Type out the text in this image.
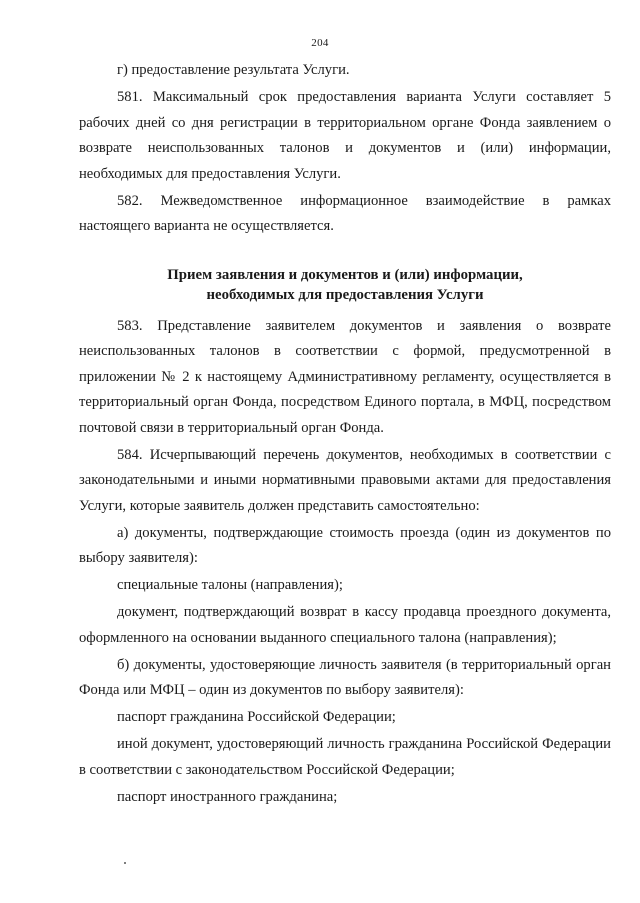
204

г) предоставление результата Услуги.

581. Максимальный срок предоставления варианта Услуги составляет 5 рабочих дней со дня регистрации в территориальном органе Фонда заявлением о возврате неиспользованных талонов и документов и (или) информации, необходимых для предоставления Услуги.

582. Межведомственное информационное взаимодействие в рамках настоящего варианта не осуществляется.

Прием заявления и документов и (или) информации,
необходимых для предоставления Услуги

583. Представление заявителем документов и заявления о возврате неиспользованных талонов в соответствии с формой, предусмотренной в приложении № 2 к настоящему Административному регламенту, осуществляется в территориальный орган Фонда, посредством Единого портала, в МФЦ, посредством почтовой связи в территориальный орган Фонда.

584. Исчерпывающий перечень документов, необходимых в соответствии с законодательными и иными нормативными правовыми актами для предоставления Услуги, которые заявитель должен представить самостоятельно:

а) документы, подтверждающие стоимость проезда (один из документов по выбору заявителя):

специальные талоны (направления);

документ, подтверждающий возврат в кассу продавца проездного документа, оформленного на основании выданного специального талона (направления);

б) документы, удостоверяющие личность заявителя (в территориальный орган Фонда или МФЦ – один из документов по выбору заявителя):

паспорт гражданина Российской Федерации;

иной документ, удостоверяющий личность гражданина Российской Федерации в соответствии с законодательством Российской Федерации;

паспорт иностранного гражданина;
